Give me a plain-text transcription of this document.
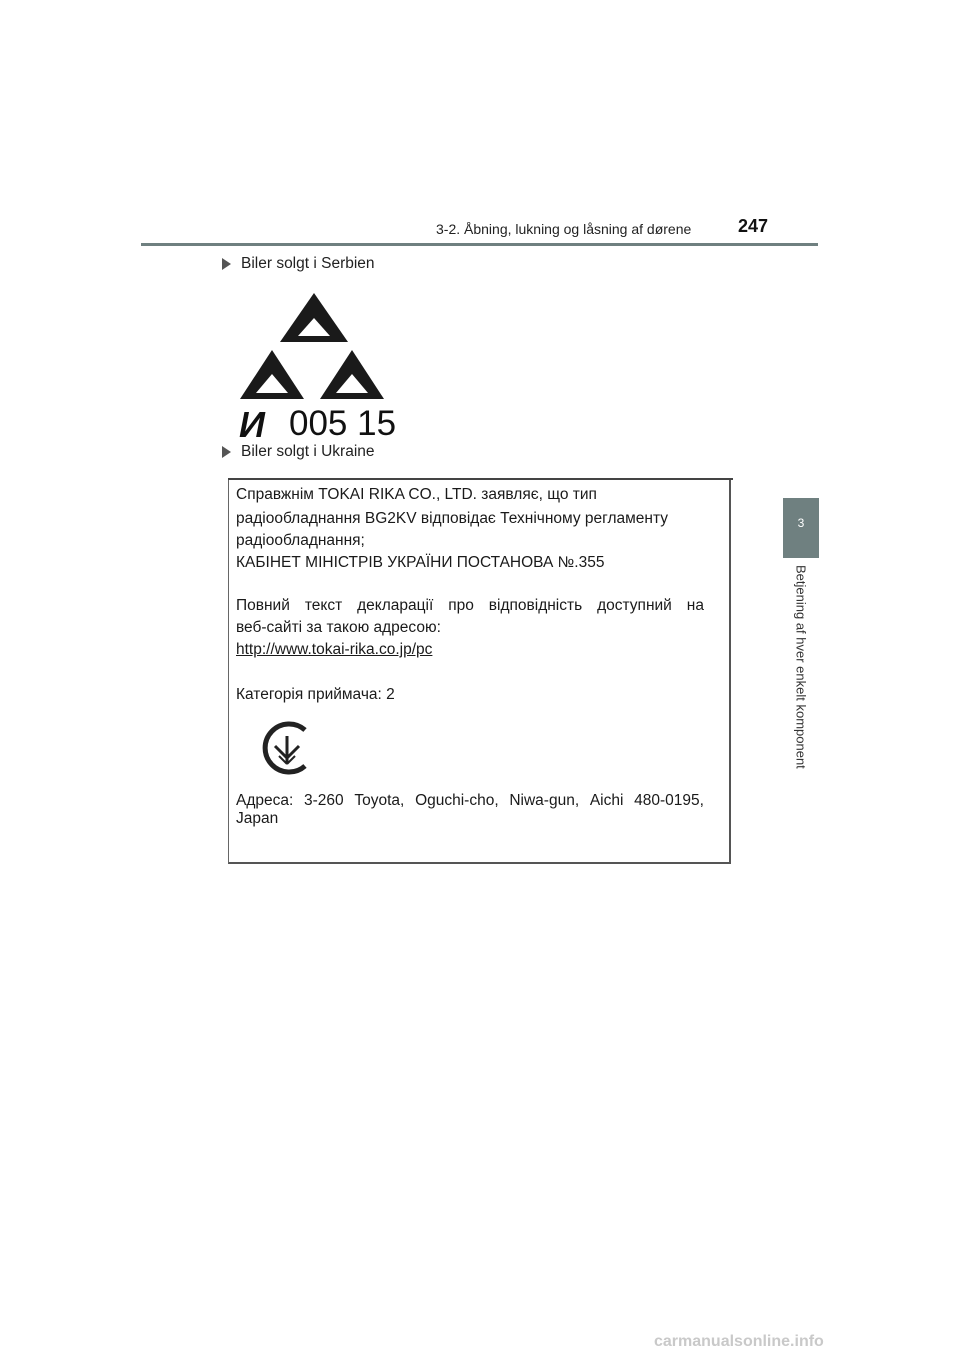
3-2. Åbning, lukning og låsning af dørene	247
3
Betjening af hver enkelt komponent
Biler solgt i Serbien
И 005 15
Biler solgt i Ukraine
Справжнім TOKAI RIKA CO., LTD. заявляє, що тип
радіообладнання BG2KV відповідає Технічному регламенту
радіообладнання;
КАБІНЕТ МІНІСТРІВ УКРАЇНИ ПОСТАНОВА №.355
Повний текст декларації про відповідність доступний на
веб-сайті за такою адресою:
http://www.tokai-rika.co.jp/pc
Категорія приймача: 2
Адреса: 3-260 Toyota, Oguchi-cho, Niwa-gun, Aichi 480-0195,
Japan
carmanualsonline.info
